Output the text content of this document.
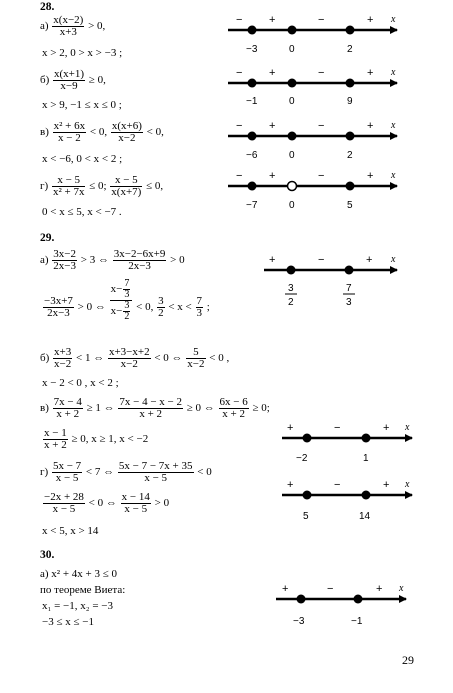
28.
$а) \frac{x(x-2)}{x+3} > 0$,
x > 2, 0 > x > −3 ;
$б) \frac{x(x+1)}{x-9} \ge 0$,
x > 9, −1 ≤ x ≤ 0 ;
$в) \frac{\text{x² + 6x}}{x - 2} < 0$, $\frac{x(x+6)}{x-2} < 0$,
x < −6, 0 < x < 2 ;
$г) \frac{x - 5}{\text{x² + 7x}} \le 0$; $\frac{x - 5}{x(x+7)} \le 0$,
0 < x ≤ 5, x < −7 .
29.
$а) \frac{3x-2}{2x-3} > 3$ ⇔ $\frac{3x-2-6x+9}{2x-3} > 0$
$\frac{-3x+7}{2x-3} > 0$ ⇔ $\frac{x- \frac{7}{3}}{x- \frac{3}{2}} < 0$, $\frac{3}{2} < x < \frac{7}{3}$ ;
$б) \frac{x+3}{x-2} < 1$ ⇔ $\frac{x+3-x+2}{x-2} < 0$ ⇔ $\frac{5}{x-2} < 0$ ,
x − 2 < 0 , x < 2 ;
$в) \frac{7x - 4}{x + 2} \ge 1$ ⇔ $\frac{7x - 4 - x - 2}{x + 2} \ge 0$ ⇔ $\frac{6x - 6}{x + 2} \ge 0$;
$\frac{x - 1}{x + 2} \ge 0$, x ≥ 1, x < −2
$г) \frac{5x - 7}{x - 5} < 7$ ⇔ $\frac{5x - 7 - 7x + 35}{x - 5} < 0$
$\frac{-2x + 28}{x - 5} < 0$ ⇔ $\frac{x - 14}{x - 5} > 0$
x < 5, x > 14
30.
а) x² + 4x + 3 ≤ 0
по теореме Виета:
x₁ = −1, x₂ = −3
−3 ≤ x ≤ −1
29
− +	−	+ x
−3	0	2
− +	−	+ x
−1	0	9
− +	−	+ x
−6	0	2
− +	−	+ x
−7	0	5
+	−	+ x
3
2
7
3
+	−	+ x
−2	1
+	−	+ x
5	14
+	−	+ x
−3	−1
